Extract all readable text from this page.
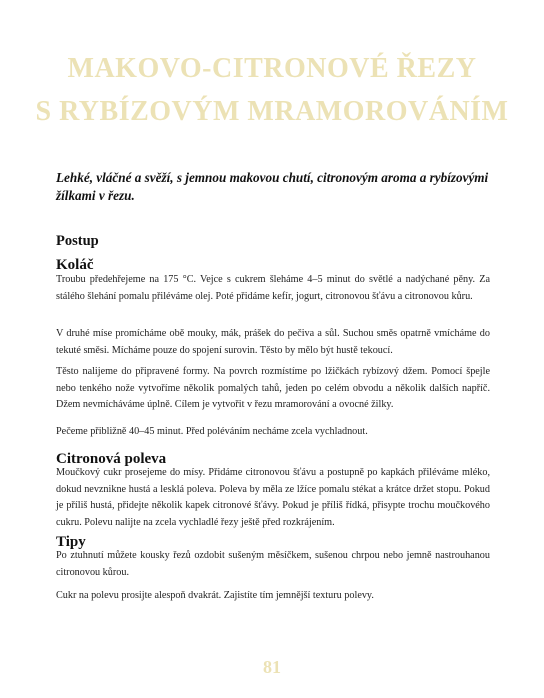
MAKOVO-CITRONOVÉ ŘEZY
S RYBÍZOVÝM MRAMOROVÁNÍM
Lehké, vláčné a svěží, s jemnou makovou chutí, citronovým aroma a rybízovými žílkami v řezu.
Postup
Koláč
Troubu předehřejeme na 175 °C. Vejce s cukrem šleháme 4–5 minut do světlé a nadýchané pěny. Za stálého šlehání pomalu přiléváme olej. Poté přidáme kefír, jogurt, citronovou šťávu a citronovou kůru.
V druhé míse promícháme obě mouky, mák, prášek do pečiva a sůl. Suchou směs opatrně vmícháme do tekuté směsi. Mícháme pouze do spojení surovin. Těsto by mělo být hustě tekoucí.
Těsto nalijeme do připravené formy. Na povrch rozmístíme po lžičkách rybízový džem. Pomocí špejle nebo tenkého nože vytvoříme několik pomalých tahů, jeden po celém obvodu a několik dalších napříč. Džem nevmícháváme úplně. Cílem je vytvořit v řezu mramorování a ovocné žilky.
Pečeme přibližně 40–45 minut. Před poléváním necháme zcela vychladnout.
Citronová poleva
Moučkový cukr prosejeme do mísy. Přidáme citronovou šťávu a postupně po kapkách přiléváme mléko, dokud nevznikne hustá a lesklá poleva. Poleva by měla ze lžíce pomalu stékat a krátce držet stopu. Pokud je příliš hustá, přidejte několik kapek citronové šťávy. Pokud je příliš řídká, přisypte trochu moučkového cukru. Polevu nalijte na zcela vychladlé řezy ještě před rozkrájením.
Tipy
Po ztuhnutí můžete kousky řezů ozdobit sušeným měsíčkem, sušenou chrpou nebo jemně nastrouhanou citronovou kůrou.
Cukr na polevu prosijte alespoň dvakrát. Zajistíte tím jemnější texturu polevy.
81
